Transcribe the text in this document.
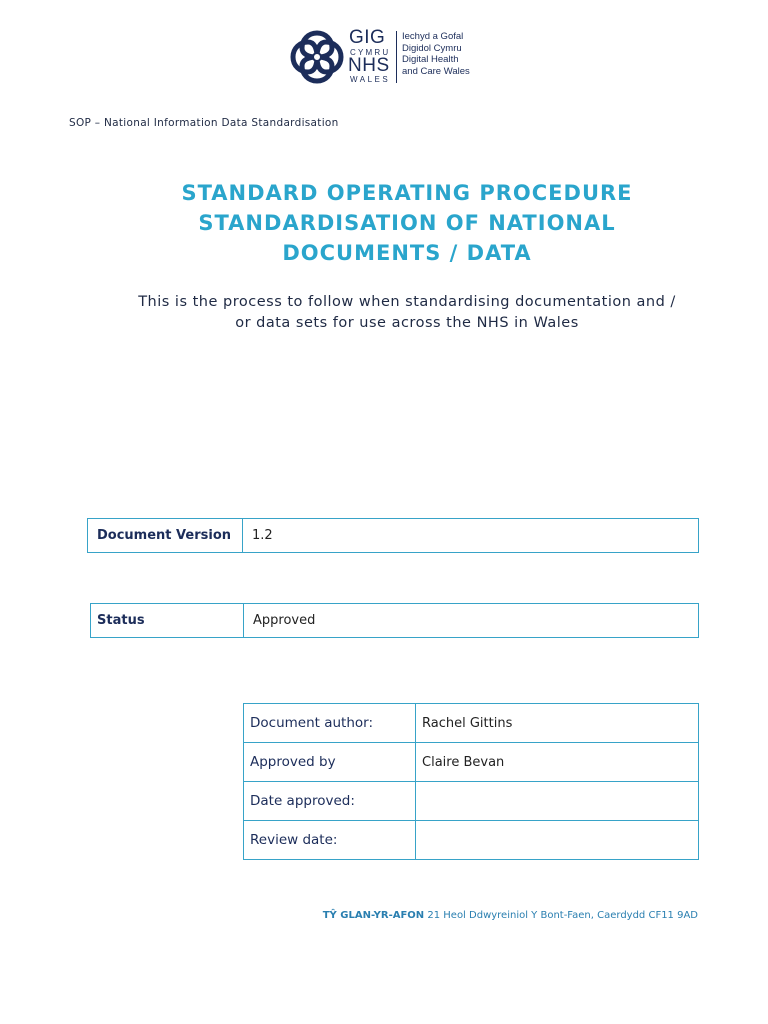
GIG
CYMRU
NHS
WALES
Iechyd a Gofal
Digidol Cymru
Digital Health
and Care Wales
SOP – National Information Data Standardisation
STANDARD OPERATING PROCEDURE
STANDARDISATION OF NATIONAL
DOCUMENTS / DATA
This is the process to follow when standardising documentation and /
or data sets for use across the NHS in Wales
Document Version	1.2
Status	Approved
Document author:	Rachel Gittins
Approved by	Claire Bevan
Date approved:	
Review date:	
TŶ GLAN-YR-AFON 21 Heol Ddwyreiniol Y Bont-Faen, Caerdydd CF11 9AD
